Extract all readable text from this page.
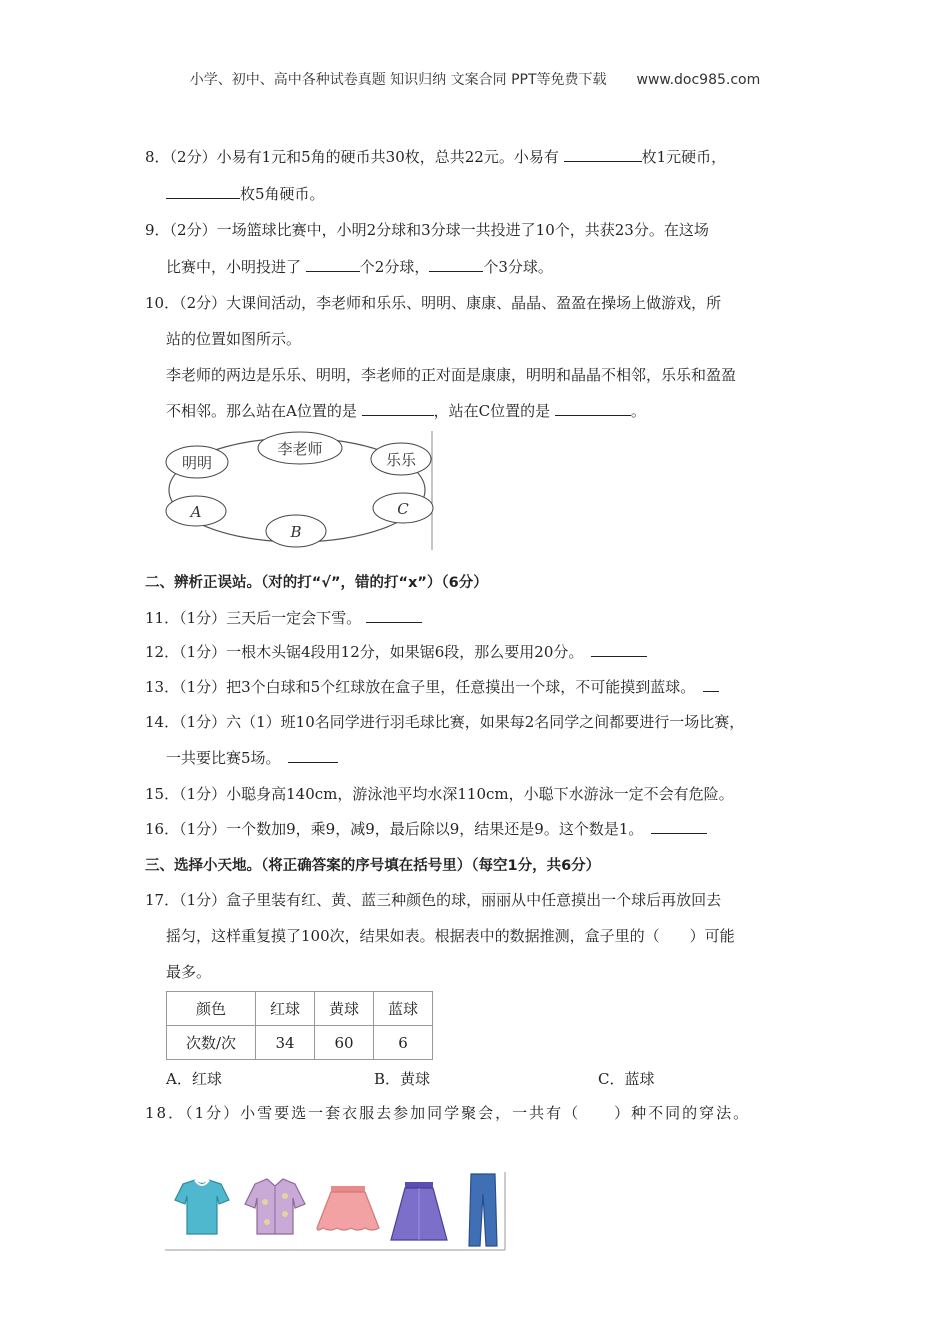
小学、初中、高中各种试卷真题 知识归纳 文案合同 PPT等免费下载 www.doc985.com
8．（2分）小易有1元和5角的硬币共30枚，总共22元。小易有	枚1元硬币，
枚5角硬币。
9．（2分）一场篮球比赛中，小明2分球和3分球一共投进了10个，共获23分。在这场
比赛中，小明投进了	个2分球，	个3分球。
10．（2分）大课间活动，李老师和乐乐、明明、康康、晶晶、盈盈在操场上做游戏，所
站的位置如图所示。
李老师的两边是乐乐、明明，李老师的正对面是康康，明明和晶晶不相邻，乐乐和盈盈
不相邻。那么站在A位置的是	，站在C位置的是	。
李老师
明明	乐乐
A
B
C
二、辨析正误站。（对的打“√”，错的打“x”）（6分）
11．（1分）三天后一定会下雪。
12．（1分）一根木头锯4段用12分，如果锯6段，那么要用20分。　
13．（1分）把3个白球和5个红球放在盒子里，任意摸出一个球，不可能摸到蓝球。　
14．（1分）六（1）班10名同学进行羽毛球比赛，如果每2名同学之间都要进行一场比赛，
一共要比赛5场。　
15．（1分）小聪身高140cm，游泳池平均水深110cm，小聪下水游泳一定不会有危险。
16．（1分）一个数加9，乘9，减9，最后除以9，结果还是9。这个数是1。　
三、选择小天地。（将正确答案的序号填在括号里）（每空1分，共6分）
17．（1分）盒子里装有红、黄、蓝三种颜色的球，丽丽从中任意摸出一个球后再放回去
摇匀，这样重复摸了100次，结果如表。根据表中的数据推测，盒子里的（　　）可能
最多。
颜色	红球	黄球	蓝球
次数/次	34	60	6
A．红球	B．黄球	C．蓝球
18．（1分）小雪要选一套衣服去参加同学聚会，一共有（　　）种不同的穿法。
